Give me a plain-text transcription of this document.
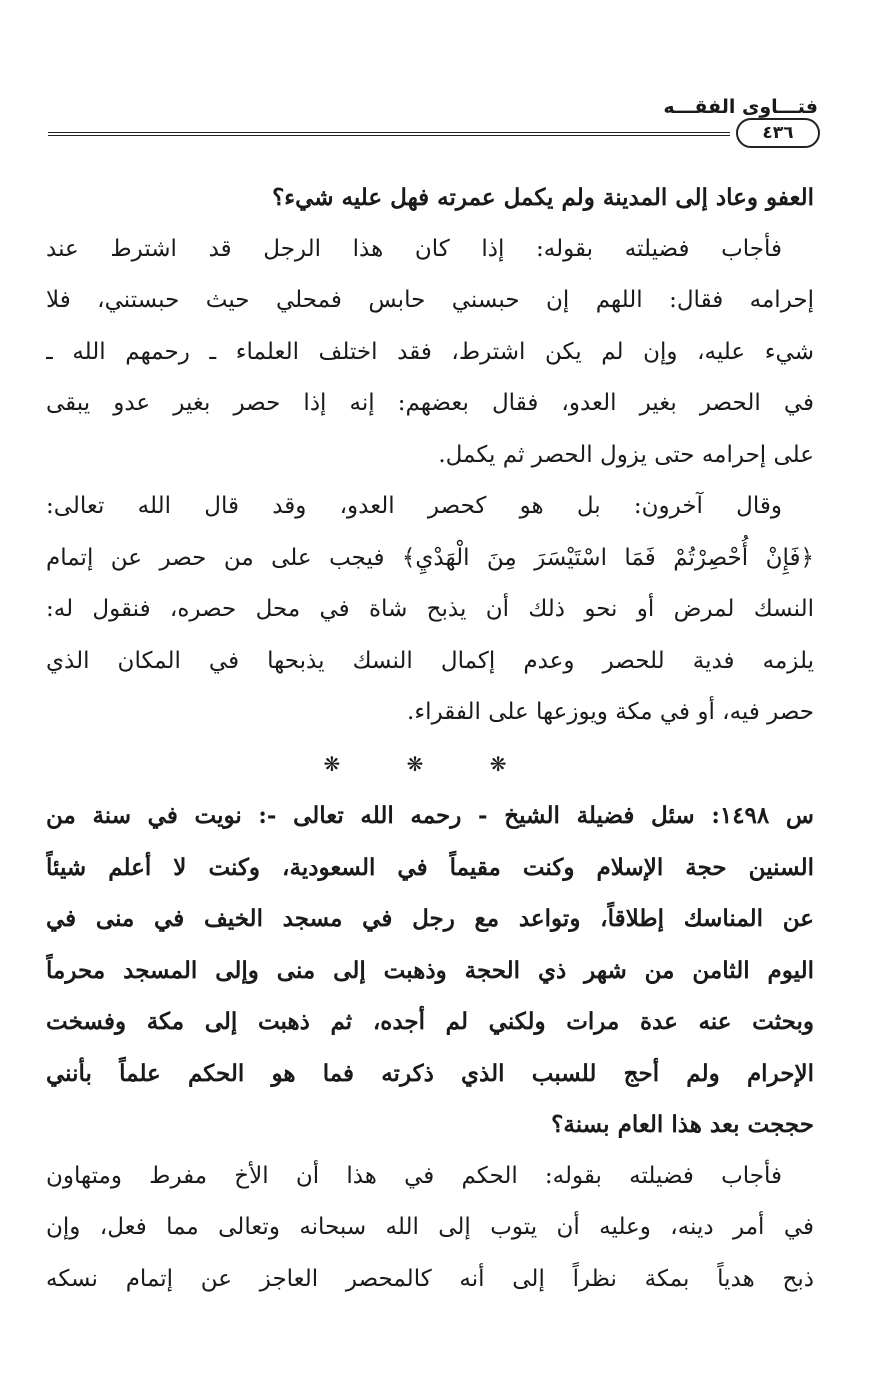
فتـــاوى الفقـــه
٤٣٦
العفو وعاد إلى المدينة ولم يكمل عمرته فهل عليه شيء؟
فأجاب فضيلته بقوله: إذا كان هذا الرجل قد اشترط عند
إحرامه فقال: اللهم إن حبسني حابس فمحلي حيث حبستني، فلا
شيء عليه، وإن لم يكن اشترط، فقد اختلف العلماء ـ رحمهم الله ـ
في الحصر بغير العدو، فقال بعضهم: إنه إذا حصر بغير عدو يبقى
على إحرامه حتى يزول الحصر ثم يكمل.
وقال آخرون: بل هو كحصر العدو، وقد قال الله تعالى:
﴿فَإِنْ أُحْصِرْتُمْ فَمَا اسْتَيْسَرَ مِنَ الْهَدْيِ﴾ فيجب على من حصر عن إتمام
النسك لمرض أو نحو ذلك أن يذبح شاة في محل حصره، فنقول له:
يلزمه فدية للحصر وعدم إكمال النسك يذبحها في المكان الذي
حصر فيه، أو في مكة ويوزعها على الفقراء.
❋ ❋ ❋
س ١٤٩٨: سئل فضيلة الشيخ - رحمه الله تعالى -: نويت في سنة من
السنين حجة الإسلام وكنت مقيماً في السعودية، وكنت لا أعلم شيئاً
عن المناسك إطلاقاً، وتواعد مع رجل في مسجد الخيف في منى في
اليوم الثامن من شهر ذي الحجة وذهبت إلى منى وإلى المسجد محرماً
وبحثت عنه عدة مرات ولكني لم أجده، ثم ذهبت إلى مكة وفسخت
الإحرام ولم أحج للسبب الذي ذكرته فما هو الحكم علماً بأنني
حججت بعد هذا العام بسنة؟
فأجاب فضيلته بقوله: الحكم في هذا أن الأخ مفرط ومتهاون
في أمر دينه، وعليه أن يتوب إلى الله سبحانه وتعالى مما فعل، وإن
ذبح هدياً بمكة نظراً إلى أنه كالمحصر العاجز عن إتمام نسكه
